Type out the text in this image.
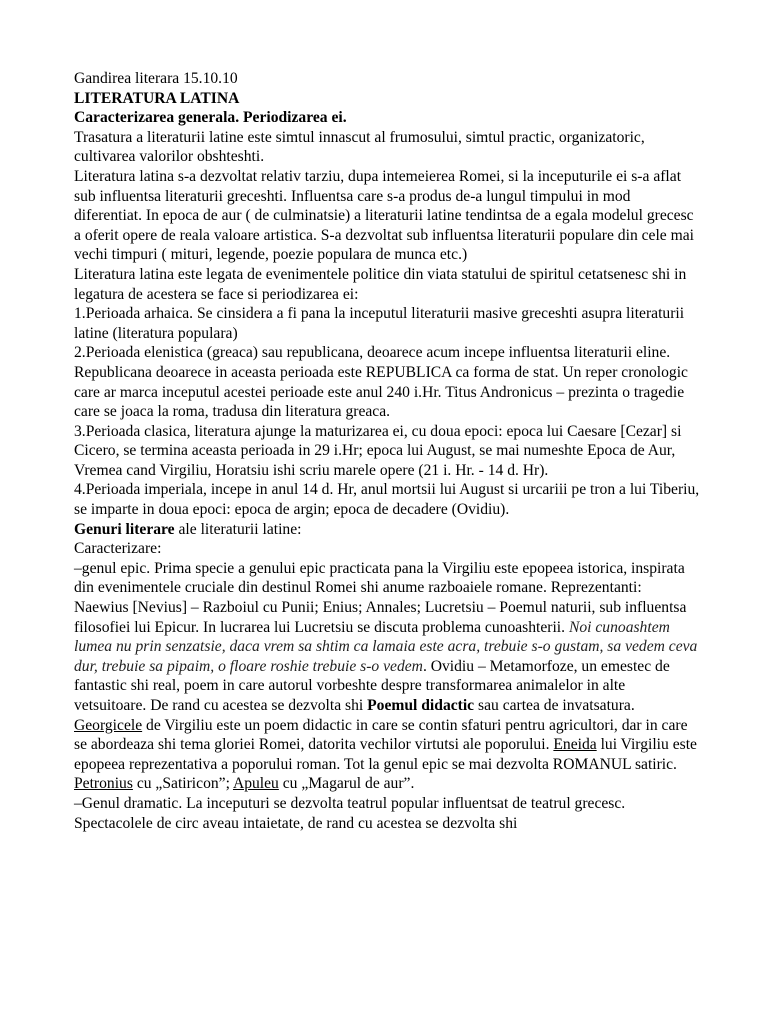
Gandirea literara 15.10.10

LITERATURA LATINA

Caracterizarea generala. Periodizarea ei.

Trasatura a literaturii latine este simtul innascut al frumosului, simtul practic, organizatoric, cultivarea valorilor obshteshti.

Literatura latina s-a dezvoltat relativ tarziu, dupa intemeierea Romei, si la inceputurile ei s-a aflat sub influentsa literaturii greceshti. Influentsa care s-a produs de-a lungul timpului in mod diferentiat. In epoca de aur ( de culminatsie) a literaturii latine tendintsa de a egala modelul grecesc a oferit opere de reala valoare artistica. S-a dezvoltat sub influentsa literaturii populare din cele mai vechi timpuri ( mituri, legende, poezie populara de munca etc.)

Literatura latina este legata de evenimentele politice din viata statului de spiritul cetatsenesc shi in legatura de acestera se face si periodizarea ei:

1.Perioada arhaica. Se cinsidera a fi pana la inceputul literaturii masive greceshti asupra literaturii latine (literatura populara)

2.Perioada elenistica (greaca) sau republicana, deoarece acum incepe influentsa literaturii eline. Republicana deoarece in aceasta perioada este REPUBLICA ca forma de stat. Un reper cronologic care ar marca inceputul acestei perioade este anul 240 i.Hr. Titus Andronicus – prezinta o tragedie care se joaca la roma, tradusa din literatura greaca.

3.Perioada clasica, literatura ajunge la maturizarea ei, cu doua epoci: epoca lui Caesare [Cezar] si Cicero, se termina aceasta perioada in 29 i.Hr; epoca lui August, se mai numeshte Epoca de Aur, Vremea cand Virgiliu, Horatsiu ishi scriu marele opere (21 i. Hr. - 14 d. Hr).

4.Perioada imperiala, incepe in anul 14 d. Hr, anul mortsii lui August si urcariii pe tron a lui Tiberiu, se imparte in doua epoci: epoca de argin; epoca de decadere (Ovidiu).

Genuri literare ale literaturii latine:

Caracterizare:

–genul epic. Prima specie a genului epic practicata pana la Virgiliu este epopeea istorica, inspirata din evenimentele cruciale din destinul Romei shi anume razboaiele romane. Reprezentanti: Naewius [Nevius] – Razboiul cu Punii; Enius; Annales; Lucretsiu – Poemul naturii, sub influentsa filosofiei lui Epicur. In lucrarea lui Lucretsiu se discuta problema cunoashterii. Noi cunoashtem lumea nu prin senzatsie, daca vrem sa shtim ca lamaia este acra, trebuie s-o gustam, sa vedem ceva dur, trebuie sa pipaim, o floare roshie trebuie s-o vedem. Ovidiu – Metamorfoze, un emestec de fantastic shi real, poem in care autorul vorbeshte despre transformarea animalelor in alte vetsuitoare. De rand cu acestea se dezvolta shi Poemul didactic sau cartea de invatsatura. Georgicele de Virgiliu este un poem didactic in care se contin sfaturi pentru agricultori, dar in care se abordeaza shi tema gloriei Romei, datorita vechilor virtutsi ale poporului. Eneida lui Virgiliu este epopeea reprezentativa a poporului roman. Tot la genul epic se mai dezvolta ROMANUL satiric. Petronius cu „Satiricon”; Apuleu cu „Magarul de aur”.

–Genul dramatic. La inceputuri se dezvolta teatrul popular influentsat de teatrul grecesc. Spectacolele de circ aveau intaietate, de rand cu acestea se dezvolta shi
